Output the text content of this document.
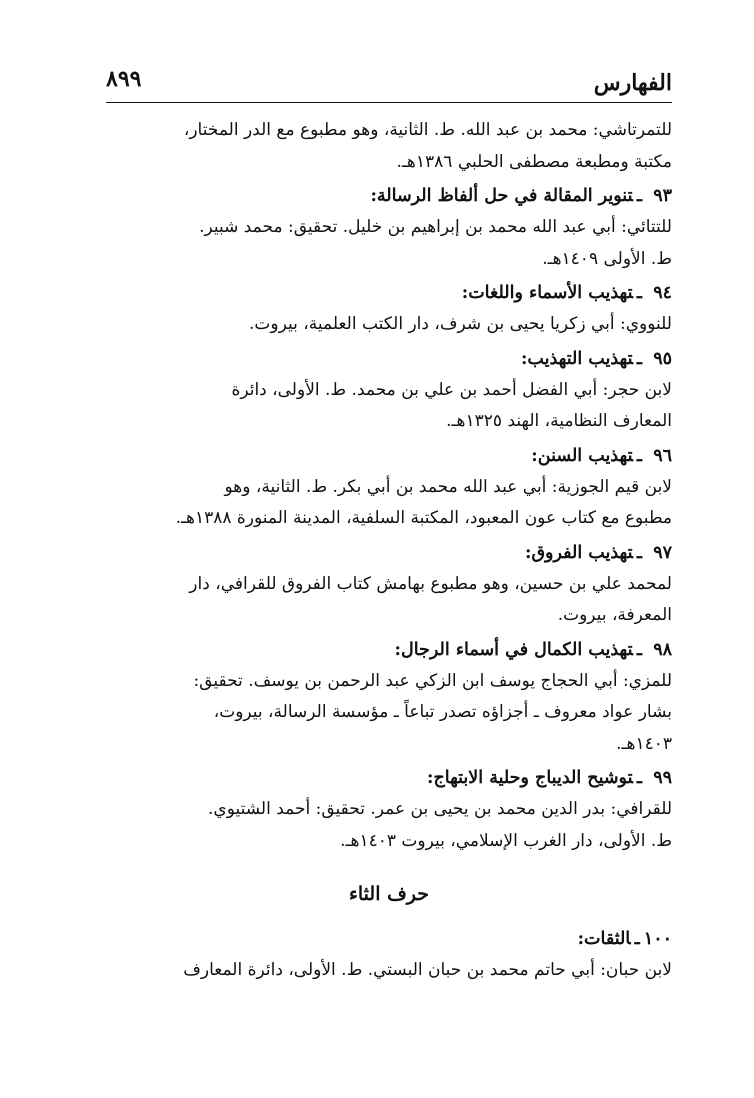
الفهارس
٨٩٩

للتمرتاشي: محمد بن عبد الله. ط. الثانية، وهو مطبوع مع الدر المختار،
مكتبة ومطبعة مصطفى الحلبي ١٣٨٦هـ.

٩٣ـتنوير المقالة في حل ألفاظ الرسالة:

للتتائي: أبي عبد الله محمد بن إبراهيم بن خليل. تحقيق: محمد شبير.
ط. الأولى ١٤٠٩هـ.

٩٤ـتهذيب الأسماء واللغات:

للنووي: أبي زكريا يحيى بن شرف، دار الكتب العلمية، بيروت.

٩٥ـتهذيب التهذيب:

لابن حجر: أبي الفضل أحمد بن علي بن محمد. ط. الأولى، دائرة
المعارف النظامية، الهند ١٣٢٥هـ.

٩٦ـتهذيب السنن:

لابن قيم الجوزية: أبي عبد الله محمد بن أبي بكر. ط. الثانية، وهو
مطبوع مع كتاب عون المعبود، المكتبة السلفية، المدينة المنورة ١٣٨٨هـ.

٩٧ـتهذيب الفروق:

لمحمد علي بن حسين، وهو مطبوع بهامش كتاب الفروق للقرافي، دار
المعرفة، بيروت.

٩٨ـتهذيب الكمال في أسماء الرجال:

للمزي: أبي الحجاج يوسف ابن الزكي عبد الرحمن بن يوسف. تحقيق:
بشار عواد معروف ـ أجزاؤه تصدر تباعاً ـ مؤسسة الرسالة، بيروت،
١٤٠٣هـ.

٩٩ـتوشيح الديباج وحلية الابتهاج:

للقرافي: بدر الدين محمد بن يحيى بن عمر. تحقيق: أحمد الشتيوي.
ط. الأولى، دار الغرب الإسلامي، بيروت ١٤٠٣هـ.

حرف الثاء
١٠٠ـالثقات:

لابن حبان: أبي حاتم محمد بن حبان البستي. ط. الأولى، دائرة المعارف
